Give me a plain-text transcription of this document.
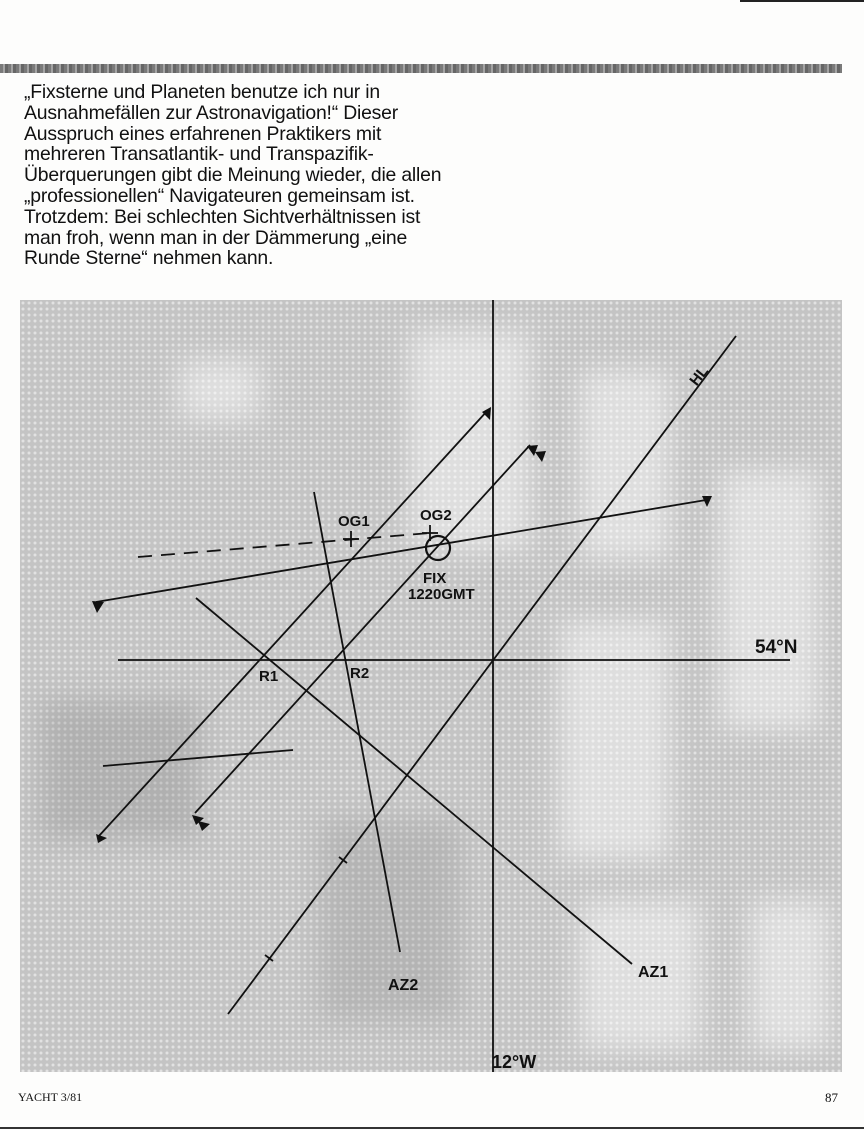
„Fixsterne und Planeten benutze ich nur in
Ausnahmefällen zur Astronavigation!“ Dieser
Ausspruch eines erfahrenen Praktikers mit
mehreren Transatlantik- und Transpazifik-
Überquerungen gibt die Meinung wieder, die allen
„professionellen“ Navigateuren gemeinsam ist.
Trotzdem: Bei schlechten Sichtverhältnissen ist
man froh, wenn man in der Dämmerung „eine
Runde Sterne“ nehmen kann.
HL
OG1	OG2
FIX
1220GMT
54°N
12°W
R1	R2
AZ1
AZ2
YACHT 3/81	87
